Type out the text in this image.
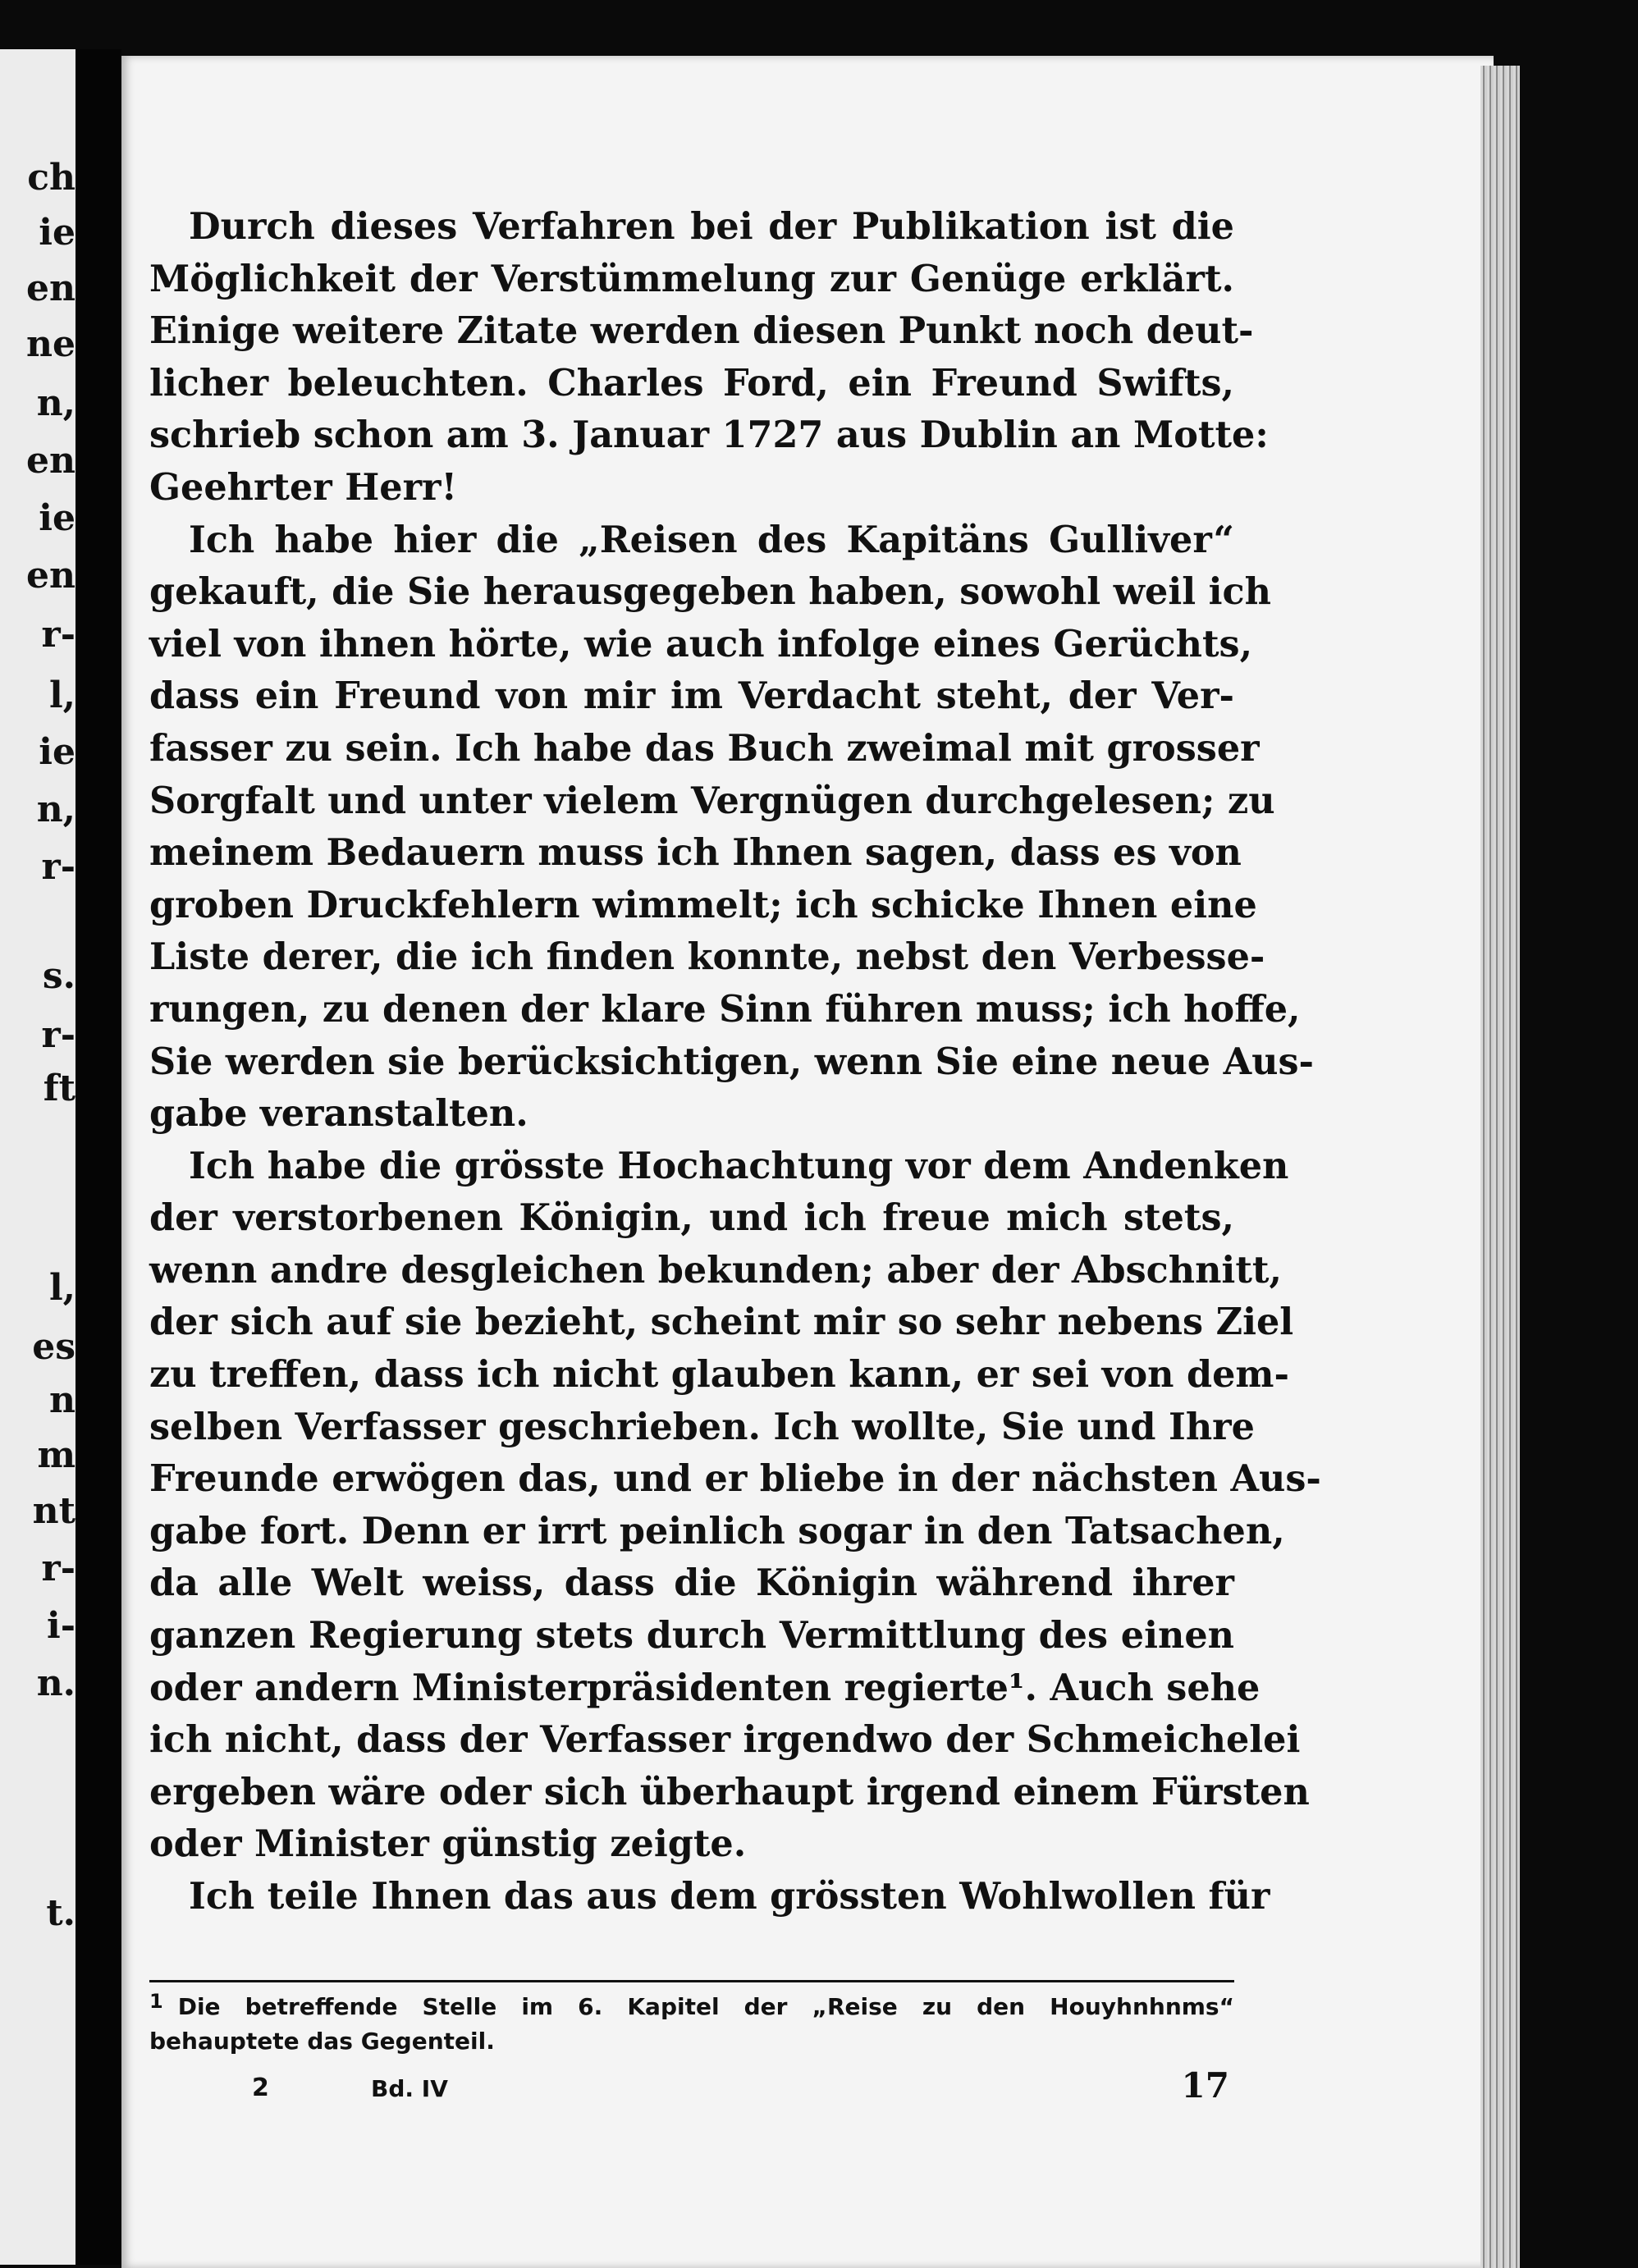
ch
ie
en
ne
n,
en
ie
en
r-
l,
ie
n,
r-
s.
r-
ft
l,
es
n
m
nt
r-
i-
n.
t.
Durch dieses Verfahren bei der Publikation ist die
Möglichkeit der Verstümmelung zur Genüge erklärt.
Einige weitere Zitate werden diesen Punkt noch deut-
licher beleuchten. Charles Ford, ein Freund Swifts,
schrieb schon am 3. Januar 1727 aus Dublin an Motte:
Geehrter Herr!
Ich habe hier die „Reisen des Kapitäns Gulliver“
gekauft, die Sie herausgegeben haben, sowohl weil ich
viel von ihnen hörte, wie auch infolge eines Gerüchts,
dass ein Freund von mir im Verdacht steht, der Ver-
fasser zu sein. Ich habe das Buch zweimal mit grosser
Sorgfalt und unter vielem Vergnügen durchgelesen; zu
meinem Bedauern muss ich Ihnen sagen, dass es von
groben Druckfehlern wimmelt; ich schicke Ihnen eine
Liste derer, die ich finden konnte, nebst den Verbesse-
rungen, zu denen der klare Sinn führen muss; ich hoffe,
Sie werden sie berücksichtigen, wenn Sie eine neue Aus-
gabe veranstalten.
Ich habe die grösste Hochachtung vor dem Andenken
der verstorbenen Königin, und ich freue mich stets,
wenn andre desgleichen bekunden; aber der Abschnitt,
der sich auf sie bezieht, scheint mir so sehr nebens Ziel
zu treffen, dass ich nicht glauben kann, er sei von dem-
selben Verfasser geschrieben. Ich wollte, Sie und Ihre
Freunde erwögen das, und er bliebe in der nächsten Aus-
gabe fort. Denn er irrt peinlich sogar in den Tatsachen,
da alle Welt weiss, dass die Königin während ihrer
ganzen Regierung stets durch Vermittlung des einen
oder andern Ministerpräsidenten regierte¹. Auch sehe
ich nicht, dass der Verfasser irgendwo der Schmeichelei
ergeben wäre oder sich überhaupt irgend einem Fürsten
oder Minister günstig zeigte.
Ich teile Ihnen das aus dem grössten Wohlwollen für
1 Die betreffende Stelle im 6. Kapitel der „Reise zu den Houyhnhnms“
behauptete das Gegenteil.
2	Bd. IV	17
